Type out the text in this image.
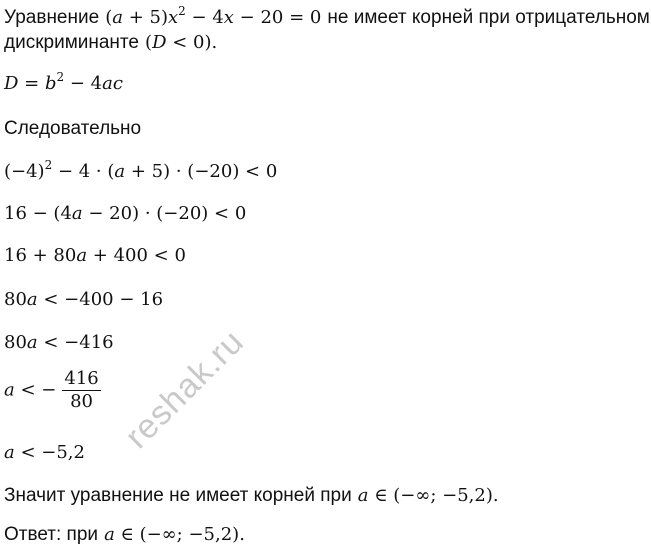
Уравнение $(a + 5)x^2 - 4x - 20 = 0$ не имеет корней при отрицательном
дискриминанте (D < 0).
$D = b^2 - 4ac$
Следовательно
$(-4)^2 - 4 \cdot (a + 5) \cdot (-20) < 0$
16 − (4a − 20) · (−20) < 0
16 + 80a + 400 < 0
80a < −400 − 16
80a < −416
a < − $\frac{416}{80}$
a < −5,2
Значит уравнение не имеет корней при a ∈ (−∞; −5,2).
Ответ: при a ∈ (−∞; −5,2).
reshak.ru
